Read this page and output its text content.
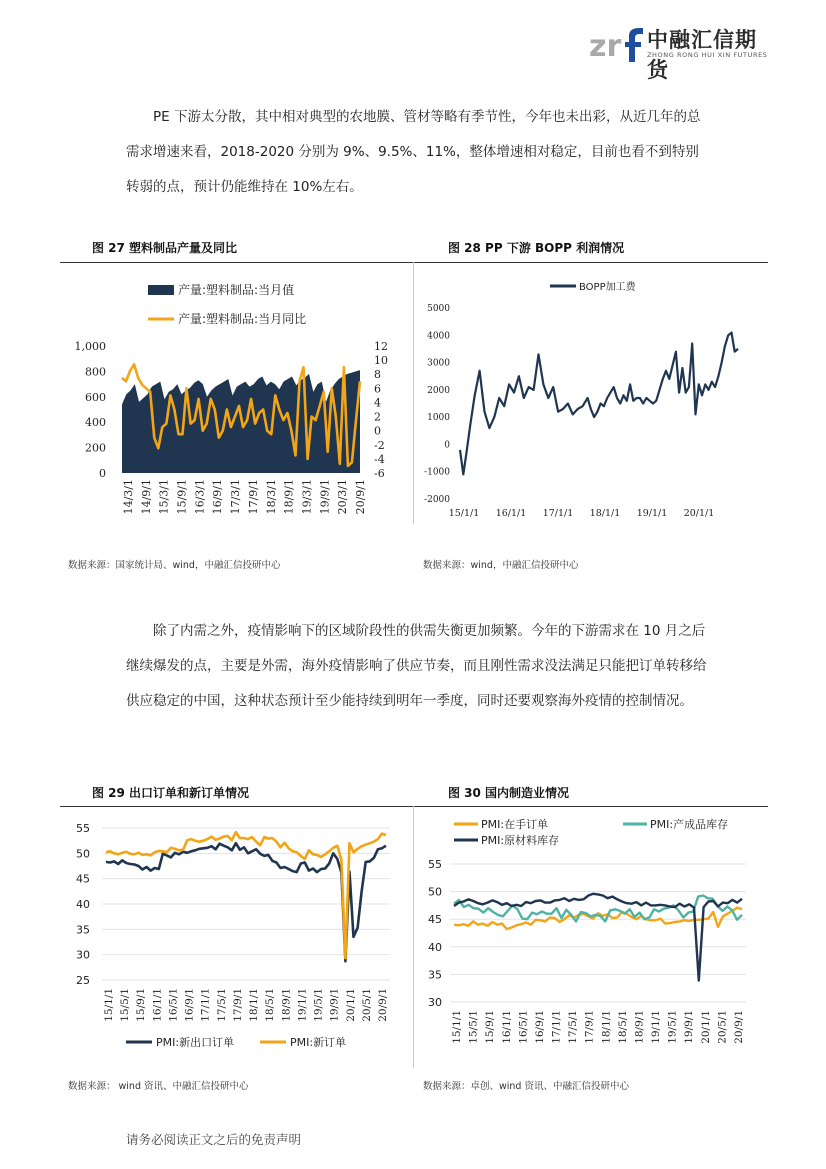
zr 中融汇信期货
ZHONG RONG HUI XIN FUTURES

PE 下游太分散，其中相对典型的农地膜、管材等略有季节性，今年也未出彩，从近几年的总需求增速来看，2018-2020 分别为 9%、9.5%、11%，整体增速相对稳定，目前也看不到特别转弱的点，预计仍能维持在 10%左右。

图 27 塑料制品产量及同比	图 28 PP 下游 BOPP 利润情况
产量:塑料制品:当月值
产量:塑料制品:当月同比
0
200
400
600
800
1,000
-6
-4
-2
0
2
4
6
8
10
12
14/3/1 14/9/1 15/3/1 15/9/1 16/3/1 16/9/1 17/3/1 17/9/1 18/3/1 18/9/1 19/3/1 19/9/1 20/3/1 20/9/1
BOPP加工费
-2000
-1000
0
1000
2000
3000
4000
5000
15/1/1 16/1/1 17/1/1 18/1/1 19/1/1 20/1/1
数据来源：国家统计局、wind，中融汇信投研中心	数据来源：wind，中融汇信投研中心

除了内需之外，疫情影响下的区域阶段性的供需失衡更加频繁。今年的下游需求在 10 月之后继续爆发的点，主要是外需，海外疫情影响了供应节奏，而且刚性需求没法满足只能把订单转移给供应稳定的中国，这种状态预计至少能持续到明年一季度，同时还要观察海外疫情的控制情况。

图 29 出口订单和新订单情况	图 30 国内制造业情况
25
30
35
40
45
50
55
15/1/1 15/5/1 15/9/1 16/1/1 16/5/1 16/9/1 17/1/1 17/5/1 17/9/1 18/1/1 18/5/1 18/9/1 19/1/1 19/5/1 19/9/1 20/1/1 20/5/1 20/9/1
PMI:新出口订单	PMI:新订单
PMI:在手订单	PMI:产成品库存
PMI:原材料库存
30
35
40
45
50
55
15/1/1 15/5/1 15/9/1 16/1/1 16/5/1 16/9/1 17/1/1 17/5/1 17/9/1 18/1/1 18/5/1 18/9/1 19/1/1 19/5/1 19/9/1 20/1/1 20/5/1 20/9/1
数据来源： wind 资讯、中融汇信投研中心	数据来源：卓创、wind 资讯、中融汇信投研中心
请务必阅读正文之后的免责声明
